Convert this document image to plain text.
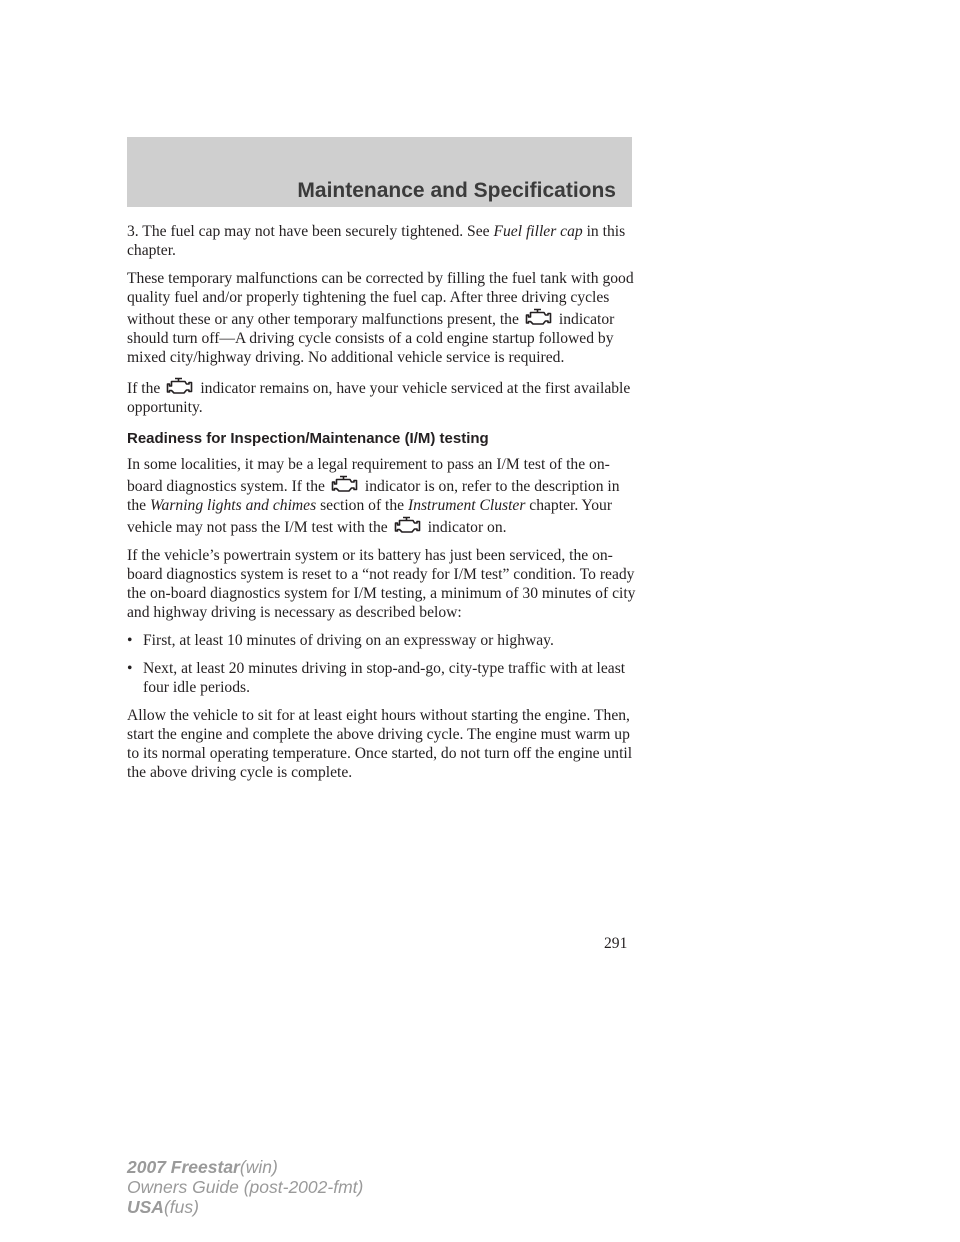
Maintenance and Specifications

3. The fuel cap may not have been securely tightened. See Fuel filler cap in this chapter.

These temporary malfunctions can be corrected by filling the fuel tank with good quality fuel and/or properly tightening the fuel cap. After three driving cycles without these or any other temporary malfunctions present, the	indicator should turn off—A driving cycle consists of a cold engine startup followed by mixed city/highway driving. No additional vehicle service is required.

If the	indicator remains on, have your vehicle serviced at the first available opportunity.

Readiness for Inspection/Maintenance (I/M) testing

In some localities, it may be a legal requirement to pass an I/M test of the on-board diagnostics system. If the	indicator is on, refer to the description in the Warning lights and chimes section of the Instrument Cluster chapter. Your vehicle may not pass the I/M test with the	indicator on.

If the vehicle’s powertrain system or its battery has just been serviced, the on-board diagnostics system is reset to a “not ready for I/M test” condition. To ready the on-board diagnostics system for I/M testing, a minimum of 30 minutes of city and highway driving is necessary as described below:

• First, at least 10 minutes of driving on an expressway or highway.
• Next, at least 20 minutes driving in stop-and-go, city-type traffic with at least four idle periods.

Allow the vehicle to sit for at least eight hours without starting the engine. Then, start the engine and complete the above driving cycle. The engine must warm up to its normal operating temperature. Once started, do not turn off the engine until the above driving cycle is complete.

291
2007 Freestar(win)
Owners Guide (post-2002-fmt)
USA(fus)
